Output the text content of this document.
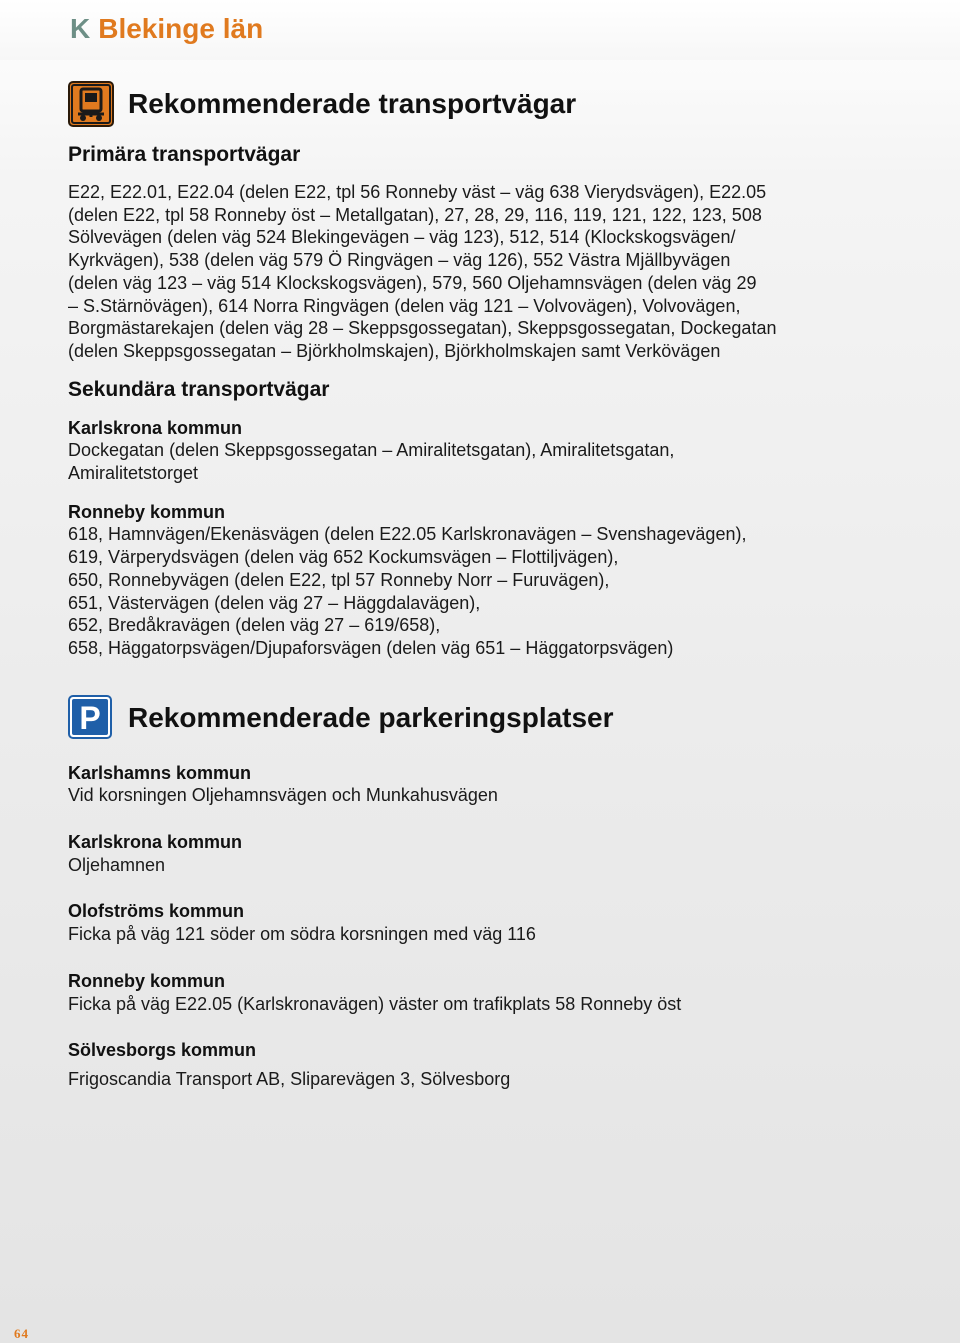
K Blekinge län
Rekommenderade transportvägar
Primära transportvägar
E22, E22.01, E22.04 (delen E22, tpl 56 Ronneby väst – väg 638 Vierydsvägen), E22.05
(delen E22, tpl 58 Ronneby öst – Metallgatan), 27, 28, 29, 116, 119, 121, 122, 123, 508
Sölvevägen (delen väg 524 Blekingevägen – väg 123), 512, 514 (Klockskogsvägen/
Kyrkvägen), 538 (delen väg 579 Ö Ringvägen – väg 126), 552 Västra Mjällbyvägen
(delen väg 123 – väg 514 Klockskogsvägen), 579, 560 Oljehamnsvägen (delen väg 29
– S.Stärnövägen), 614 Norra Ringvägen (delen väg 121 – Volvovägen), Volvovägen,
Borgmästarekajen (delen väg 28 – Skeppsgossegatan), Skeppsgossegatan, Dockegatan
(delen Skeppsgossegatan – Björkholmskajen), Björkholmskajen samt Verkövägen
Sekundära transportvägar
Karlskrona kommun
Dockegatan (delen Skeppsgossegatan – Amiralitetsgatan), Amiralitetsgatan,
Amiralitetstorget
Ronneby kommun
618, Hamnvägen/Ekenäsvägen (delen E22.05 Karlskronavägen – Svenshagevägen),
619, Värperydsvägen (delen väg 652 Kockumsvägen – Flottiljvägen),
650, Ronnebyvägen (delen E22, tpl 57 Ronneby Norr – Furuvägen),
651, Västervägen (delen väg 27 – Häggdalavägen),
652, Bredåkravägen (delen väg 27 – 619/658),
658, Häggatorpsvägen/Djupaforsvägen (delen väg 651 – Häggatorpsvägen)
P Rekommenderade parkeringsplatser
Karlshamns kommun
Vid korsningen Oljehamnsvägen och Munkahusvägen
Karlskrona kommun
Oljehamnen
Olofströms kommun
Ficka på väg 121 söder om södra korsningen med väg 116
Ronneby kommun
Ficka på väg E22.05 (Karlskronavägen) väster om trafikplats 58 Ronneby öst
Sölvesborgs kommun
Frigoscandia Transport AB, Sliparevägen 3, Sölvesborg
64
